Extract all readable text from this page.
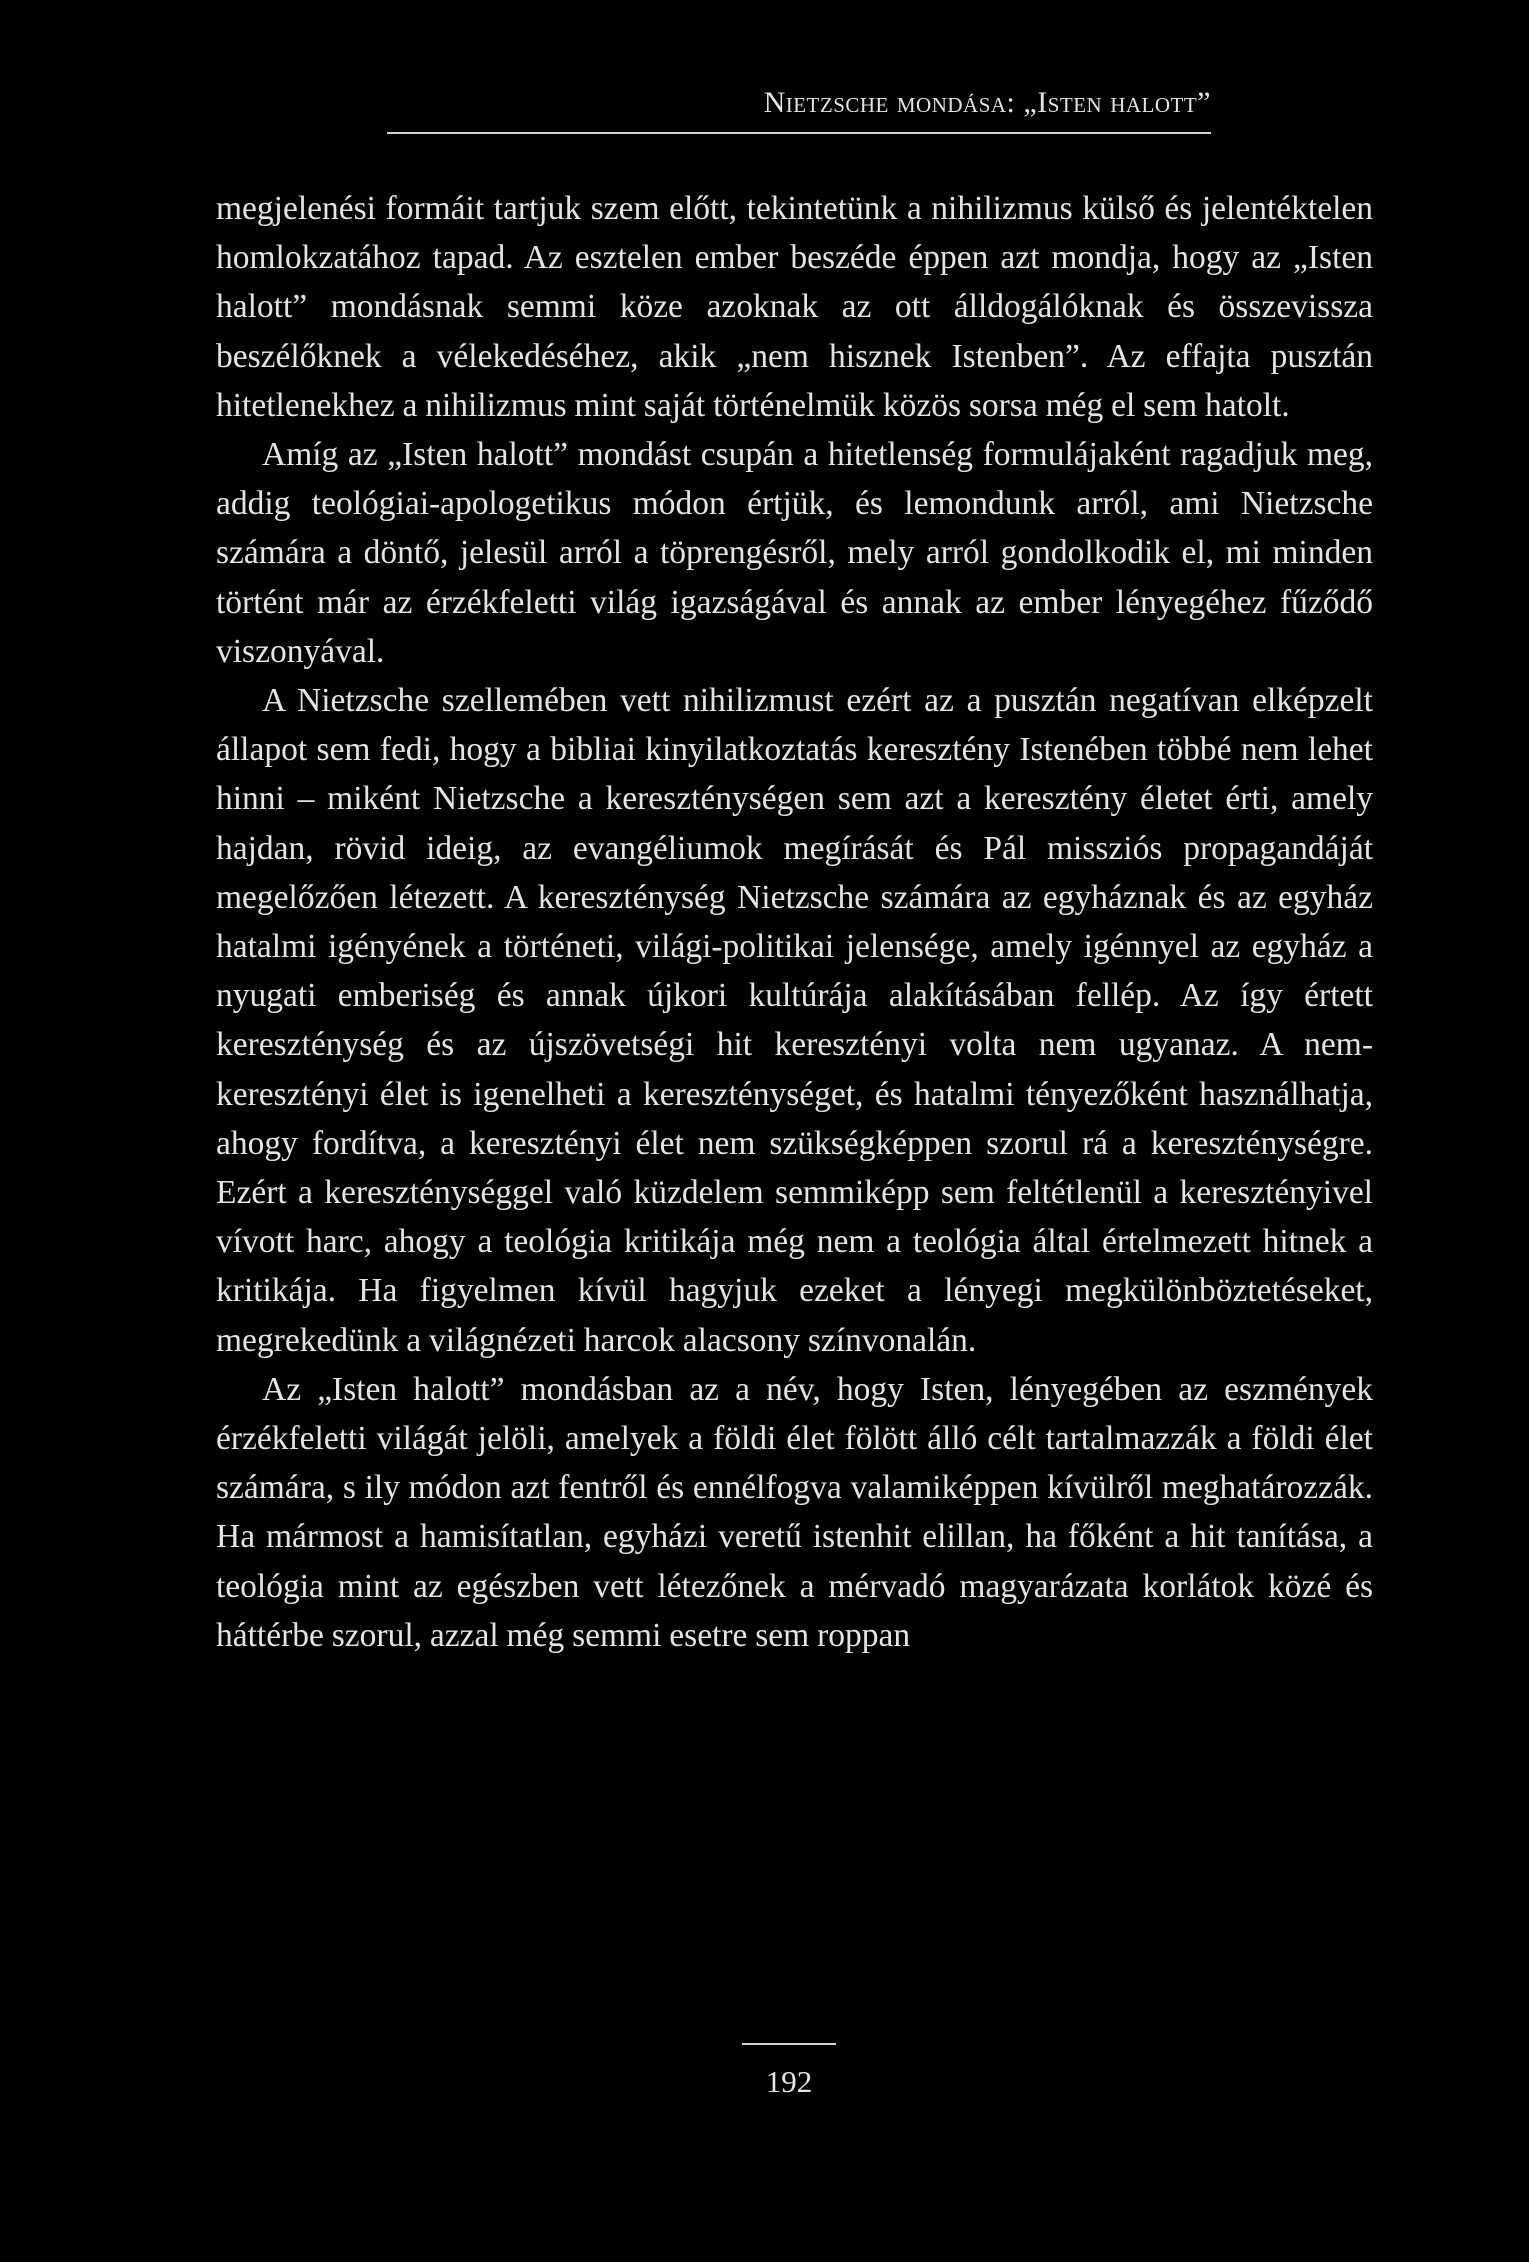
Nietzsche mondása: „Isten halott”

megjelenési formáit tartjuk szem előtt, tekintetünk a nihilizmus külső és jelentéktelen homlokzatához tapad. Az esztelen ember beszéde éppen azt mondja, hogy az „Isten halott” mondásnak semmi köze azoknak az ott álldogálóknak és összevissza beszélőknek a vélekedéséhez, akik „nem hisznek Istenben”. Az effajta pusztán hitetlenekhez a nihilizmus mint saját történelmük közös sorsa még el sem hatolt.

Amíg az „Isten halott” mondást csupán a hitetlenség formulájaként ragadjuk meg, addig teológiai-apologetikus módon értjük, és lemondunk arról, ami Nietzsche számára a döntő, jelesül arról a töprengésről, mely arról gondolkodik el, mi minden történt már az érzékfeletti világ igazságával és annak az ember lényegéhez fűződő viszonyával.

A Nietzsche szellemében vett nihilizmust ezért az a pusztán negatívan elképzelt állapot sem fedi, hogy a bibliai kinyilatkoztatás keresztény Istenében többé nem lehet hinni – miként Nietzsche a kereszténységen sem azt a keresztény életet érti, amely hajdan, rövid ideig, az evangéliumok megírását és Pál missziós propagandáját megelőzően létezett. A kereszténység Nietzsche számára az egyháznak és az egyház hatalmi igényének a történeti, világi-politikai jelensége, amely igénnyel az egyház a nyugati emberiség és annak újkori kultúrája alakításában fellép. Az így értett kereszténység és az újszövetségi hit keresztényi volta nem ugyanaz. A nem-keresztényi élet is igenelheti a kereszténységet, és hatalmi tényezőként használhatja, ahogy fordítva, a keresztényi élet nem szükségképpen szorul rá a kereszténységre. Ezért a kereszténységgel való küzdelem semmiképp sem feltétlenül a keresztényivel vívott harc, ahogy a teológia kritikája még nem a teológia által értelmezett hitnek a kritikája. Ha figyelmen kívül hagyjuk ezeket a lényegi megkülönböztetéseket, megrekedünk a világnézeti harcok alacsony színvonalán.

Az „Isten halott” mondásban az a név, hogy Isten, lényegében az eszmények érzékfeletti világát jelöli, amelyek a földi élet fölött álló célt tartalmazzák a földi élet számára, s ily módon azt fentről és ennélfogva valamiképpen kívülről meghatározzák. Ha mármost a hamisítatlan, egyházi veretű istenhit elillan, ha főként a hit tanítása, a teológia mint az egészben vett létezőnek a mérvadó magyarázata korlátok közé és háttérbe szorul, azzal még semmi esetre sem roppan

192
